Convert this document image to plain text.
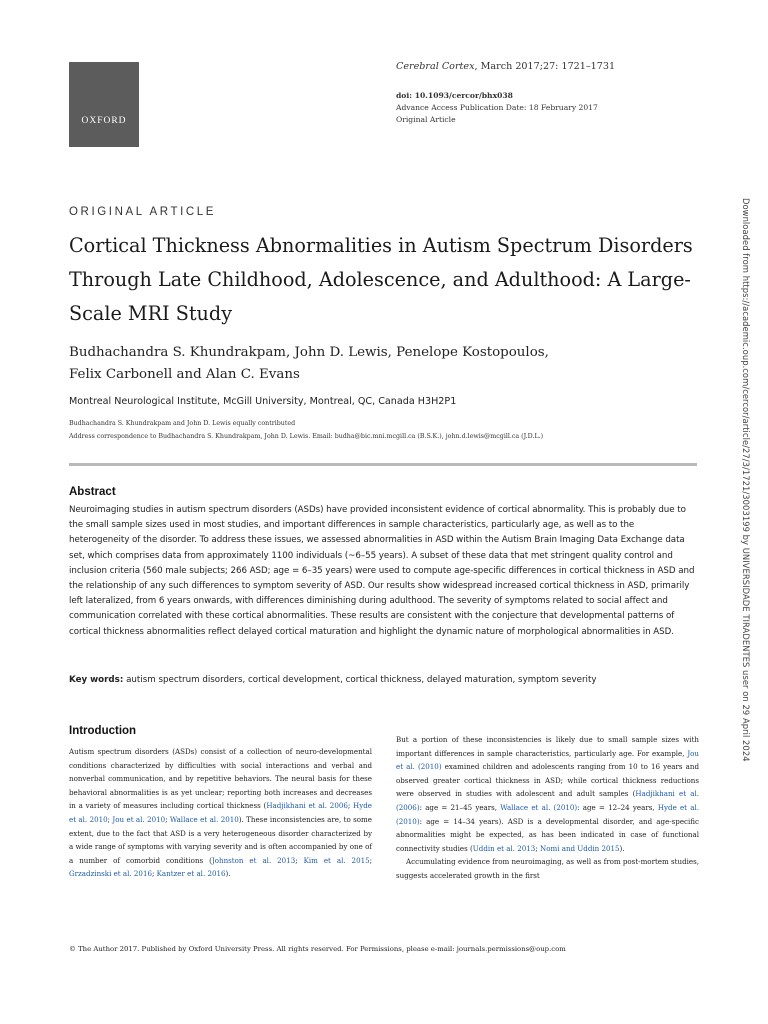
OXFORD
Cerebral Cortex, March 2017;27: 1721–1731
doi: 10.1093/cercor/bhx038
Advance Access Publication Date: 18 February 2017
Original Article
ORIGINAL ARTICLE
Cortical Thickness Abnormalities in Autism Spectrum Disorders Through Late Childhood, Adolescence, and Adulthood: A Large-Scale MRI Study
Budhachandra S. Khundrakpam, John D. Lewis, Penelope Kostopoulos,
Felix Carbonell and Alan C. Evans
Montreal Neurological Institute, McGill University, Montreal, QC, Canada H3H2P1
Budhachandra S. Khundrakpam and John D. Lewis equally contributed
Address correspondence to Budhachandra S. Khundrakpam, John D. Lewis. Email: budha@bic.mni.mcgill.ca (B.S.K.), john.d.lewis@mcgill.ca (J.D.L.)
Abstract

Neuroimaging studies in autism spectrum disorders (ASDs) have provided inconsistent evidence of cortical abnormality. This is probably due to the small sample sizes used in most studies, and important differences in sample characteristics, particularly age, as well as to the heterogeneity of the disorder. To address these issues, we assessed abnormalities in ASD within the Autism Brain Imaging Data Exchange data set, which comprises data from approximately 1100 individuals (~6–55 years). A subset of these data that met stringent quality control and inclusion criteria (560 male subjects; 266 ASD; age = 6–35 years) were used to compute age-specific differences in cortical thickness in ASD and the relationship of any such differences to symptom severity of ASD. Our results show widespread increased cortical thickness in ASD, primarily left lateralized, from 6 years onwards, with differences diminishing during adulthood. The severity of symptoms related to social affect and communication correlated with these cortical abnormalities. These results are consistent with the conjecture that developmental patterns of cortical thickness abnormalities reflect delayed cortical maturation and highlight the dynamic nature of morphological abnormalities in ASD.

Key words: autism spectrum disorders, cortical development, cortical thickness, delayed maturation, symptom severity
Introduction

Autism spectrum disorders (ASDs) consist of a collection of neuro-developmental conditions characterized by difficulties with social interactions and verbal and nonverbal communication, and by repetitive behaviors. The neural basis for these behavioral abnormalities is as yet unclear; reporting both increases and decreases in a variety of measures including cortical thickness (Hadjikhani et al. 2006; Hyde et al. 2010; Jou et al. 2010; Wallace et al. 2010). These inconsistencies are, to some extent, due to the fact that ASD is a very heterogeneous disorder characterized by a wide range of symptoms with varying severity and is often accompanied by one of a number of comorbid conditions (Johnston et al. 2013; Kim et al. 2015; Grzadzinski et al. 2016; Kantzer et al. 2016).

But a portion of these inconsistencies is likely due to small sample sizes with important differences in sample characteristics, particularly age. For example, Jou et al. (2010) examined children and adolescents ranging from 10 to 16 years and observed greater cortical thickness in ASD; while cortical thickness reductions were observed in studies with adolescent and adult samples (Hadjikhani et al. (2006): age = 21–45 years, Wallace et al. (2010): age = 12–24 years, Hyde et al. (2010): age = 14–34 years). ASD is a developmental disorder, and age-specific abnormalities might be expected, as has been indicated in case of functional connectivity studies (Uddin et al. 2013; Nomi and Uddin 2015).
Accumulating evidence from neuroimaging, as well as from post-mortem studies, suggests accelerated growth in the first

© The Author 2017. Published by Oxford University Press. All rights reserved. For Permissions, please e-mail: journals.permissions@oup.com
Downloaded from https://academic.oup.com/cercor/article/27/3/1721/3003199 by UNIVERSIDADE TIRADENTES user on 29 April 2024
